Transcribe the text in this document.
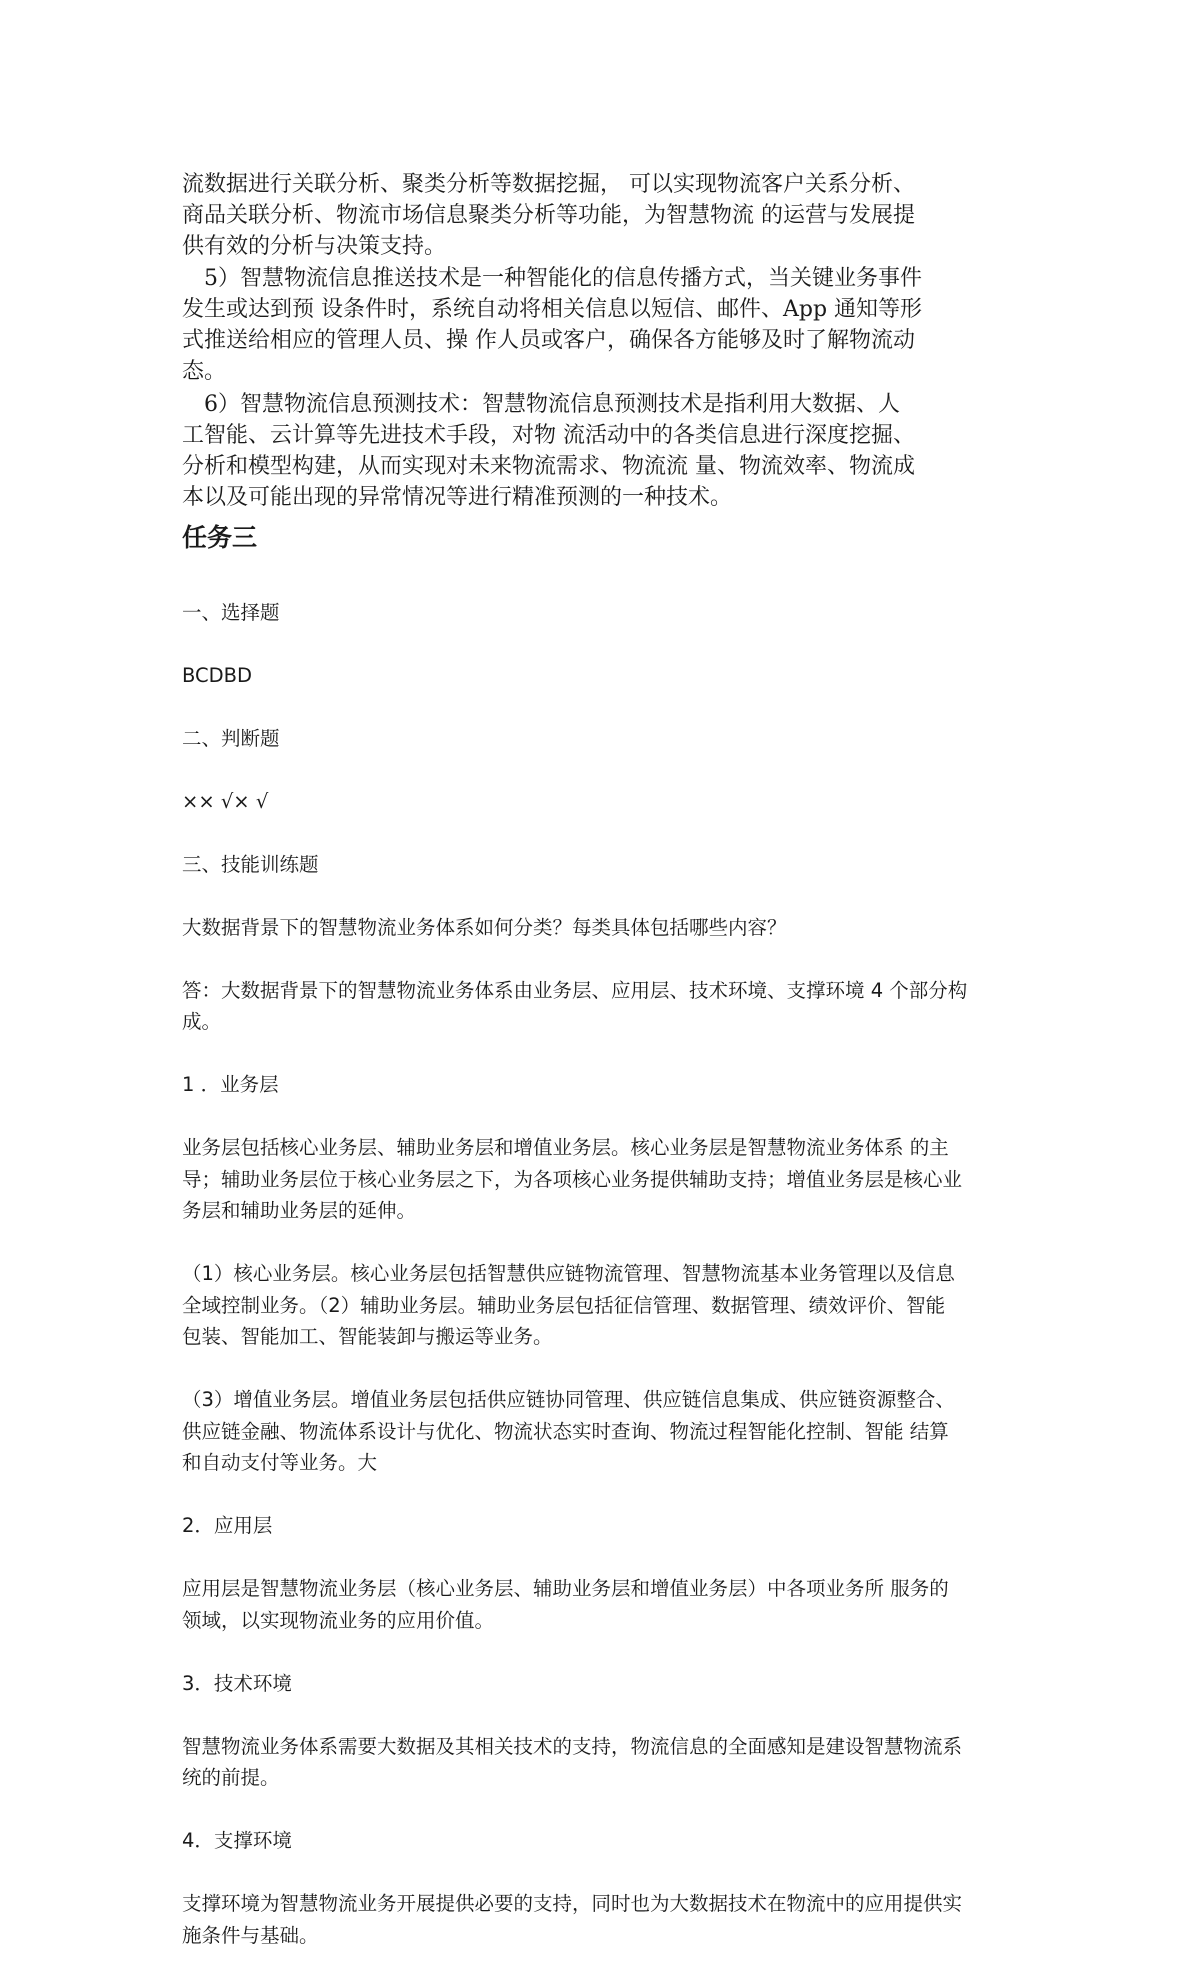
流数据进行关联分析、聚类分析等数据挖掘， 可以实现物流客户关系分析、
商品关联分析、物流市场信息聚类分析等功能，为智慧物流 的运营与发展提
供有效的分析与决策支持。

　5）智慧物流信息推送技术是一种智能化的信息传播方式，当关键业务事件
发生或达到预 设条件时，系统自动将相关信息以短信、邮件、App 通知等形
式推送给相应的管理人员、操 作人员或客户，确保各方能够及时了解物流动
态。

　6）智慧物流信息预测技术：智慧物流信息预测技术是指利用大数据、人
工智能、云计算等先进技术手段，对物 流活动中的各类信息进行深度挖掘、
分析和模型构建，从而实现对未来物流需求、物流流 量、物流效率、物流成
本以及可能出现的异常情况等进行精准预测的一种技术。

任务三

一、选择题

BCDBD

二、判断题

×× √× √

三、技能训练题

大数据背景下的智慧物流业务体系如何分类？每类具体包括哪些内容？

答：大数据背景下的智慧物流业务体系由业务层、应用层、技术环境、支撑环境 4 个部分构
成。

1 ．业务层

业务层包括核心业务层、辅助业务层和增值业务层。核心业务层是智慧物流业务体系 的主
导；辅助业务层位于核心业务层之下，为各项核心业务提供辅助支持；增值业务层是核心业
务层和辅助业务层的延伸。

（1）核心业务层。核心业务层包括智慧供应链物流管理、智慧物流基本业务管理以及信息
全域控制业务。（2）辅助业务层。辅助业务层包括征信管理、数据管理、绩效评价、智能
包装、智能加工、智能装卸与搬运等业务。

（3）增值业务层。增值业务层包括供应链协同管理、供应链信息集成、供应链资源整合、
供应链金融、物流体系设计与优化、物流状态实时查询、物流过程智能化控制、智能 结算
和自动支付等业务。大

2．应用层

应用层是智慧物流业务层（核心业务层、辅助业务层和增值业务层）中各项业务所 服务的
领域，以实现物流业务的应用价值。

3．技术环境

智慧物流业务体系需要大数据及其相关技术的支持，物流信息的全面感知是建设智慧物流系
统的前提。

4．支撑环境

支撑环境为智慧物流业务开展提供必要的支持，同时也为大数据技术在物流中的应用提供实
施条件与基础。
